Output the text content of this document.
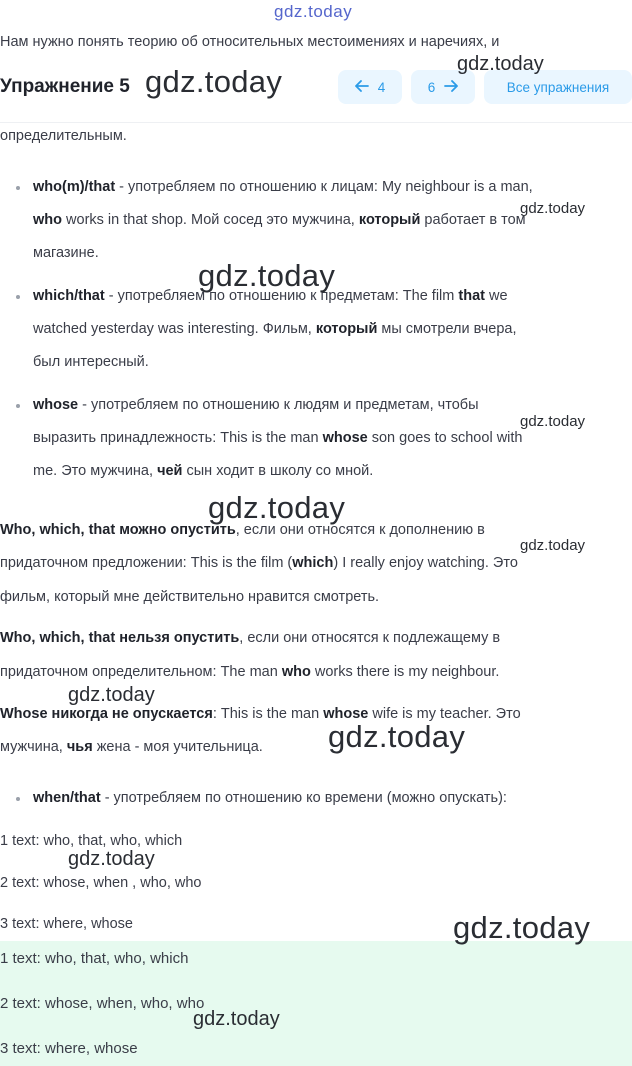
gdz.today
Нам нужно понять теорию об относительных местоимениях и наречиях, и
Упражнение 5	4	6	Все упражнения
определительным.
who(m)/that - употребляем по отношению к лицам: My neighbour is a man,
who works in that shop. Мой сосед это мужчина, который работает в том
магазине.
which/that - употребляем по отношению к предметам: The film that we
watched yesterday was interesting. Фильм, который мы смотрели вчера,
был интересный.
whose - употребляем по отношению к людям и предметам, чтобы
выразить принадлежность: This is the man whose son goes to school with
me. Это мужчина, чей сын ходит в школу со мной.
Who, which, that можно опустить, если они относятся к дополнению в
придаточном предложении: This is the film (which) I really enjoy watching. Это
фильм, который мне действительно нравится смотреть.
Who, which, that нельзя опустить, если они относятся к подлежащему в
придаточном определительном: The man who works there is my neighbour.
Whose никогда не опускается: This is the man whose wife is my teacher. Это
мужчина, чья жена - моя учительница.
when/that - употребляем по отношению ко времени (можно опускать):
1 text: who, that, who, which
2 text: whose, when , who, who
3 text: where, whose
1 text: who, that, who, which
2 text: whose, when, who, who
3 text: where, whose
gdz.today	gdz.today
gdz.today
gdz.today
gdz.today
gdz.today
gdz.today
gdz.today
gdz.today
gdz.today
gdz.today
gdz.today
